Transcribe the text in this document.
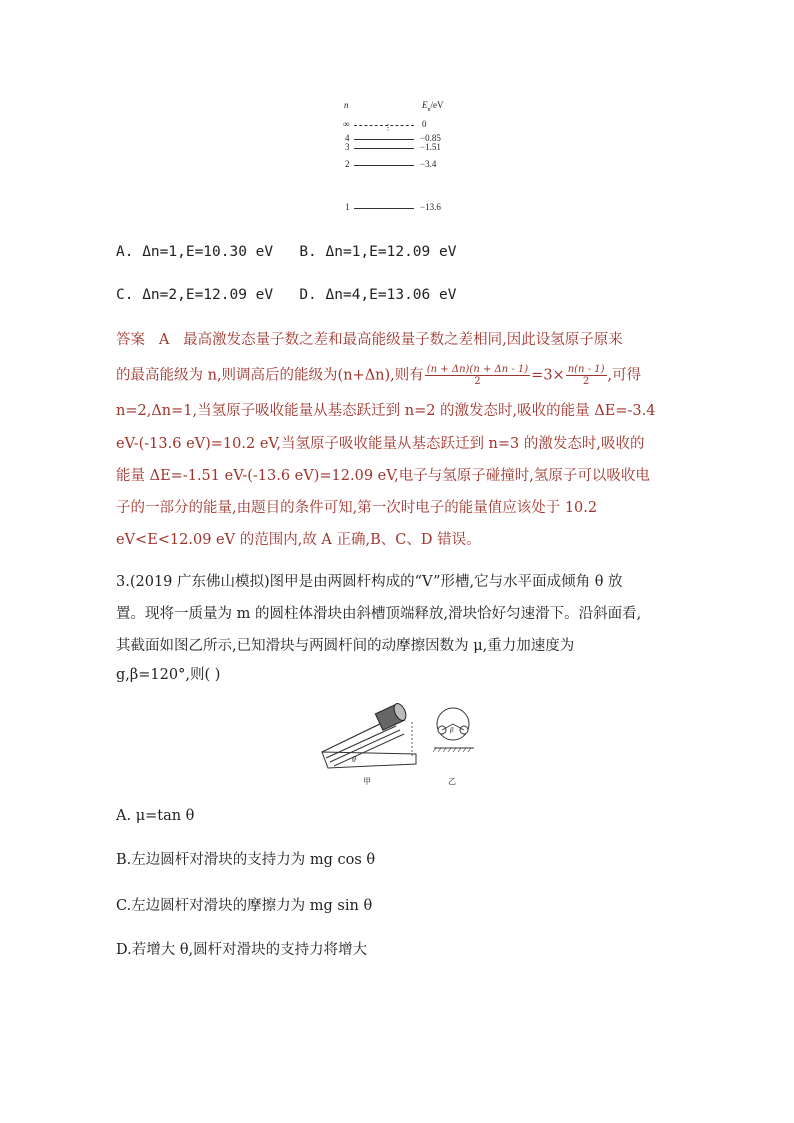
n	$E_n/eV$
∞	0
⋮
4	−0.85
3	−1.51
2	−3.4
1	−13.6
A. Δn=1,E=10.30 eV   B. Δn=1,E=12.09 eV
C. Δn=2,E=12.09 eV   D. Δn=4,E=13.06 eV
答案 A 最高激发态量子数之差和最高能级量子数之差相同,因此设氢原子原来
的最高能级为 n,则调高后的能级为(n+Δn),则有 $\frac{(n + \Delta n)(n + \Delta n - 1)}{2} =3\times \frac{n(n - 1)}{2}$ ,可得
n=2,Δn=1,当氢原子吸收能量从基态跃迁到 n=2 的激发态时,吸收的能量 ΔE=-3.4
eV-(-13.6 eV)=10.2 eV,当氢原子吸收能量从基态跃迁到 n=3 的激发态时,吸收的
能量 ΔE=-1.51 eV-(-13.6 eV)=12.09 eV,电子与氢原子碰撞时,氢原子可以吸收电
子的一部分的能量,由题目的条件可知,第一次时电子的能量值应该处于 10.2
eV<E<12.09 eV 的范围内,故 A 正确,B、C、D 错误。
3.(2019 广东佛山模拟)图甲是由两圆杆构成的“V”形槽,它与水平面成倾角 θ 放
置。现将一质量为 m 的圆柱体滑块由斜槽顶端释放,滑块恰好匀速滑下。沿斜面看,
其截面如图乙所示,已知滑块与两圆杆间的动摩擦因数为 μ,重力加速度为
g,β=120°,则( )
θ
甲
β
乙
A. μ=tan θ
B.左边圆杆对滑块的支持力为 mg cos θ
C.左边圆杆对滑块的摩擦力为 mg sin θ
D.若增大 θ,圆杆对滑块的支持力将增大
